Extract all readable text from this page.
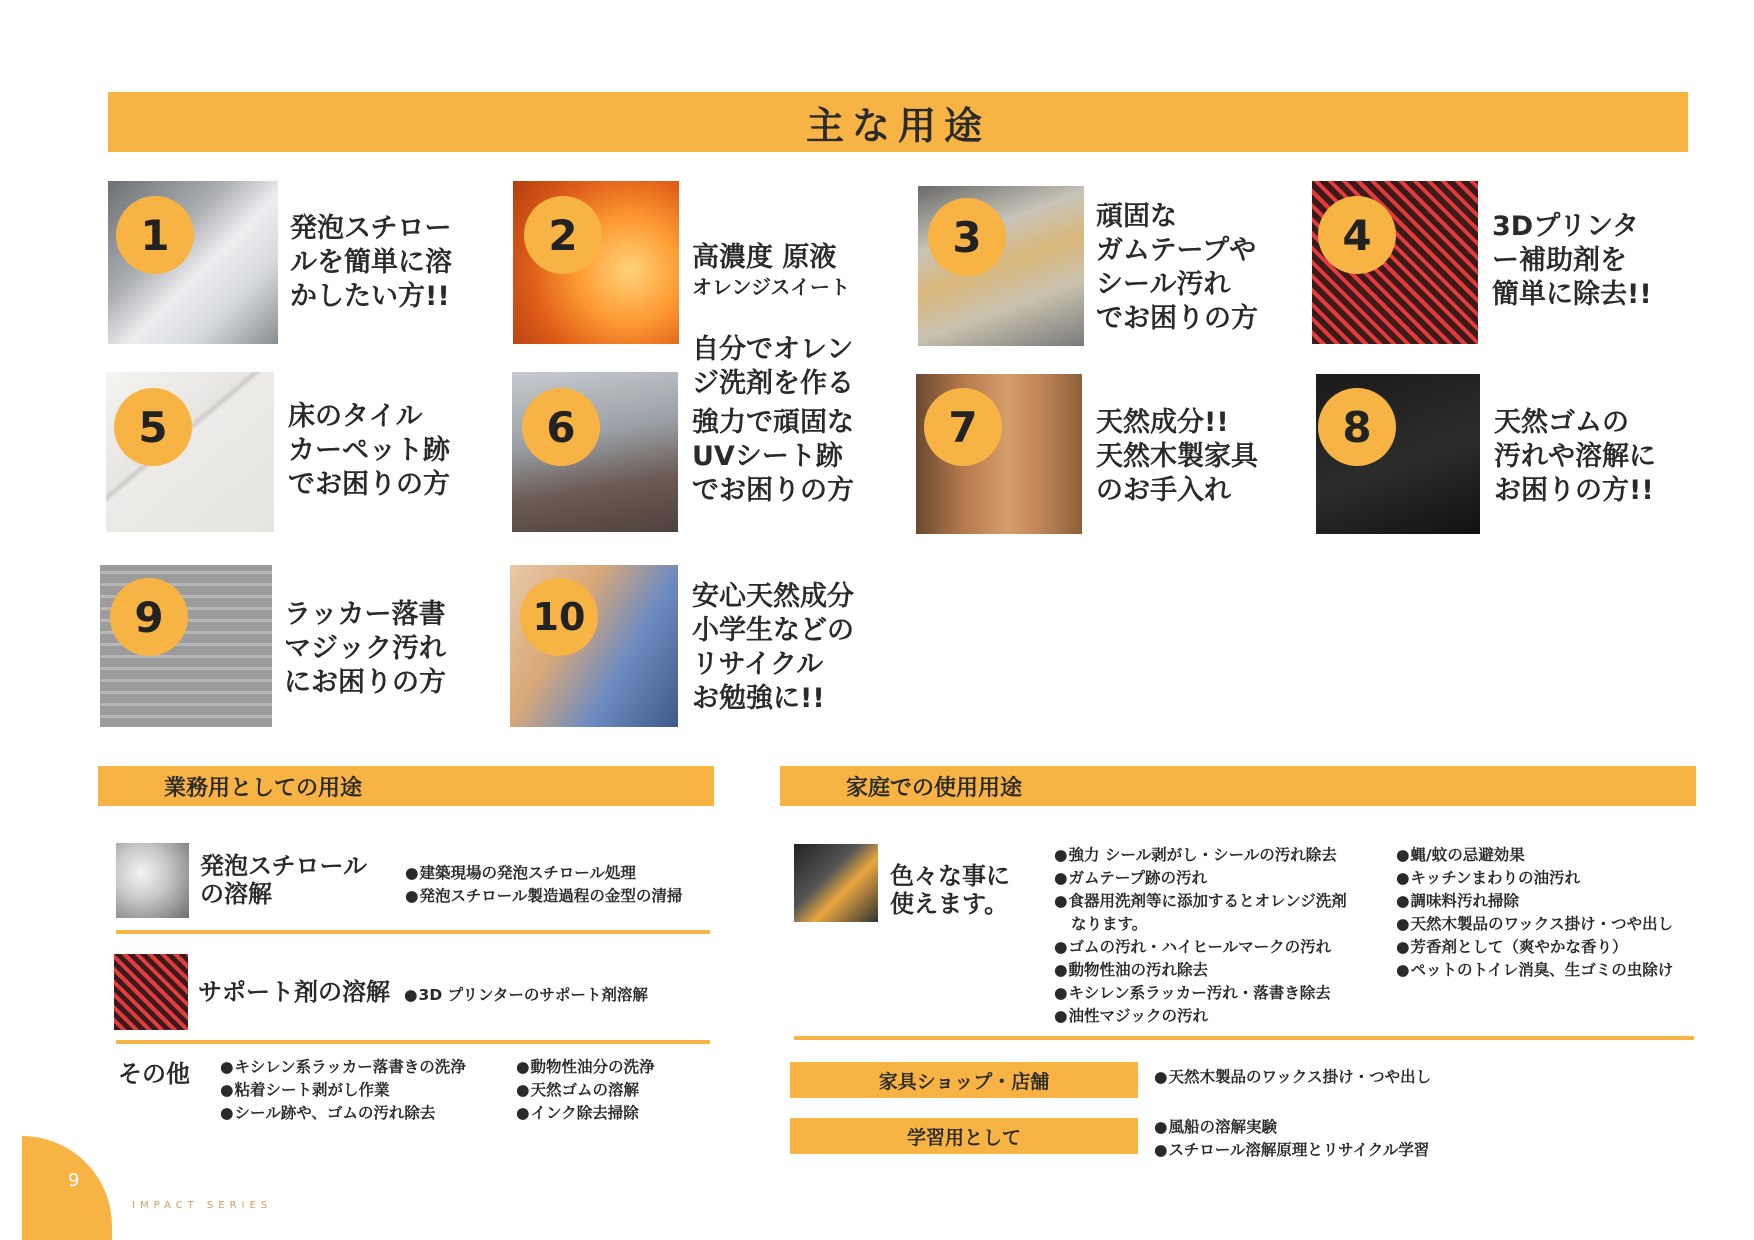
主な用途
1	発泡スチロー
ルを簡単に溶
かしたい方!!
2	高濃度 原液

オレンジスイート

自分でオレン
ジ洗剤を作る

3	頑固な
ガムテープや
シール汚れ
でお困りの方
4	3Dプリンタ
ー補助剤を
簡単に除去!!
5	床のタイル
カーペット跡
でお困りの方
6	強力で頑固な
UVシート跡
でお困りの方
7	天然成分!!
天然木製家具
のお手入れ
8	天然ゴムの
汚れや溶解に
お困りの方!!
9	ラッカー落書
マジック汚れ
にお困りの方
10	安心天然成分
小学生などの
リサイクル
お勉強に!!
業務用としての用途
発泡スチロール
の溶解
● 建築現場の発泡スチロール処理
● 発泡スチロール製造過程の金型の清掃
サポート剤の溶解	● 3D プリンターのサポート剤溶解
その他	● キシレン系ラッカー落書きの洗浄
● 粘着シート剥がし作業
● シール跡や、ゴムの汚れ除去
● 動物性油分の洗浄
● 天然ゴムの溶解
● インク除去掃除
家庭での使用用途
色々な事に
使えます。
● 強力 シール剥がし・シールの汚れ除去
● ガムテープ跡の汚れ
● 食器用洗剤等に添加するとオレンジ洗剤
なります。
● ゴムの汚れ・ハイヒールマークの汚れ
● 動物性油の汚れ除去
● キシレン系ラッカー汚れ・落書き除去
● 油性マジックの汚れ
● 蝿/蚊の忌避効果
● キッチンまわりの油汚れ
● 調味料汚れ掃除
● 天然木製品のワックス掛け・つや出し
● 芳香剤として（爽やかな香り）
● ペットのトイレ消臭、生ゴミの虫除け
家具ショップ・店舗	● 天然木製品のワックス掛け・つや出し
学習用として	● 風船の溶解実験
● スチロール溶解原理とリサイクル学習
9
IMPACT SERIES
